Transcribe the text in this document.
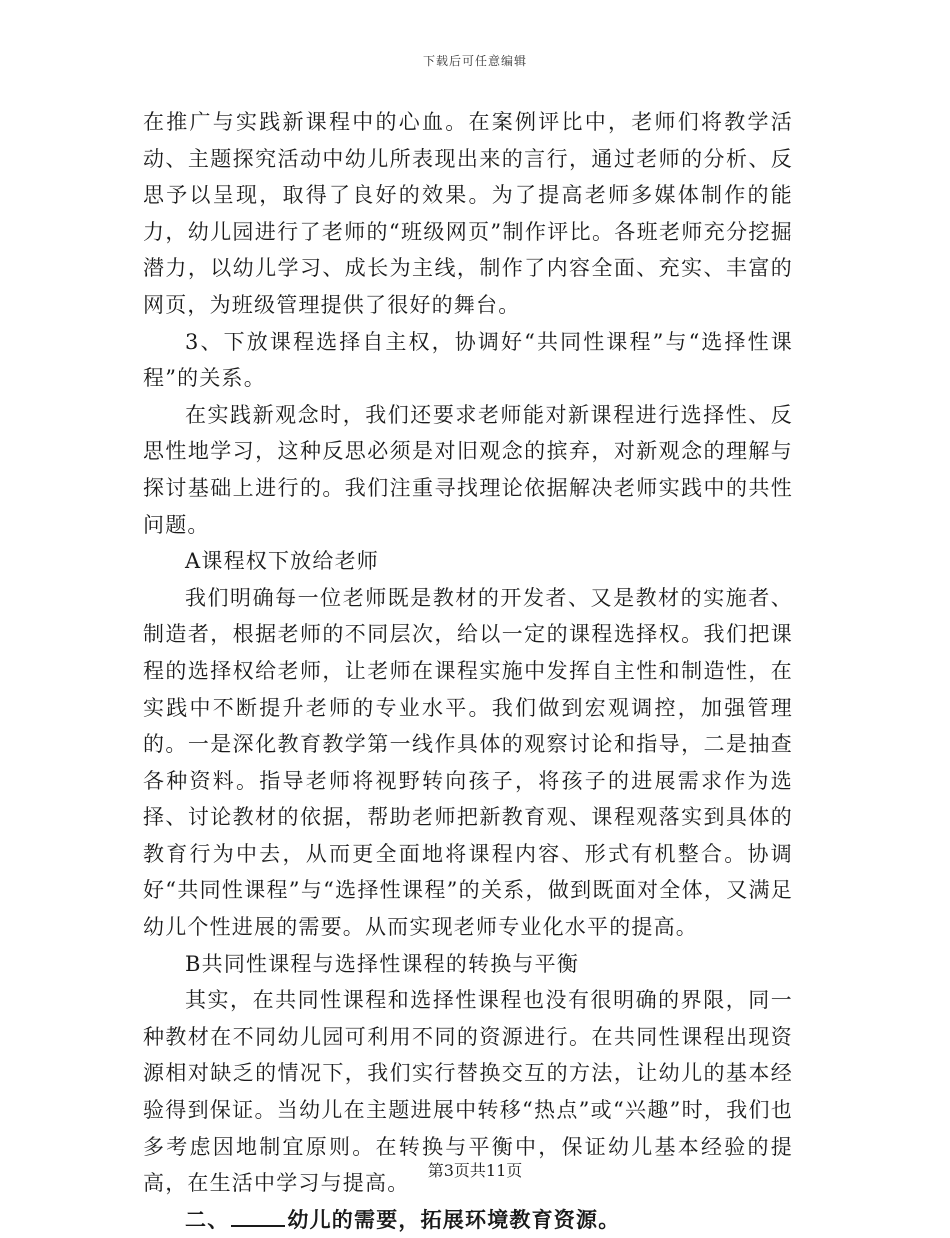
下载后可任意编辑

在推广与实践新课程中的心血。在案例评比中，老师们将教学活动、主题探究活动中幼儿所表现出来的言行，通过老师的分析、反思予以呈现，取得了良好的效果。为了提高老师多媒体制作的能力，幼儿园进行了老师的“班级网页”制作评比。各班老师充分挖掘潜力，以幼儿学习、成长为主线，制作了内容全面、充实、丰富的网页，为班级管理提供了很好的舞台。

3、下放课程选择自主权，协调好“共同性课程”与“选择性课程”的关系。

在实践新观念时，我们还要求老师能对新课程进行选择性、反思性地学习，这种反思必须是对旧观念的摈弃，对新观念的理解与探讨基础上进行的。我们注重寻找理论依据解决老师实践中的共性问题。

A课程权下放给老师

我们明确每一位老师既是教材的开发者、又是教材的实施者、制造者，根据老师的不同层次，给以一定的课程选择权。我们把课程的选择权给老师，让老师在课程实施中发挥自主性和制造性，在实践中不断提升老师的专业水平。我们做到宏观调控，加强管理的。一是深化教育教学第一线作具体的观察讨论和指导，二是抽查各种资料。指导老师将视野转向孩子，将孩子的进展需求作为选择、讨论教材的依据，帮助老师把新教育观、课程观落实到具体的教育行为中去，从而更全面地将课程内容、形式有机整合。协调好“共同性课程”与“选择性课程”的关系，做到既面对全体，又满足幼儿个性进展的需要。从而实现老师专业化水平的提高。

B共同性课程与选择性课程的转换与平衡

其实，在共同性课程和选择性课程也没有很明确的界限，同一种教材在不同幼儿园可利用不同的资源进行。在共同性课程出现资源相对缺乏的情况下，我们实行替换交互的方法，让幼儿的基本经验得到保证。当幼儿在主题进展中转移“热点”或“兴趣”时，我们也多考虑因地制宜原则。在转换与平衡中，保证幼儿基本经验的提高，在生活中学习与提高。

二、	幼儿的需要，拓展环境教育资源。

第3页共11页
